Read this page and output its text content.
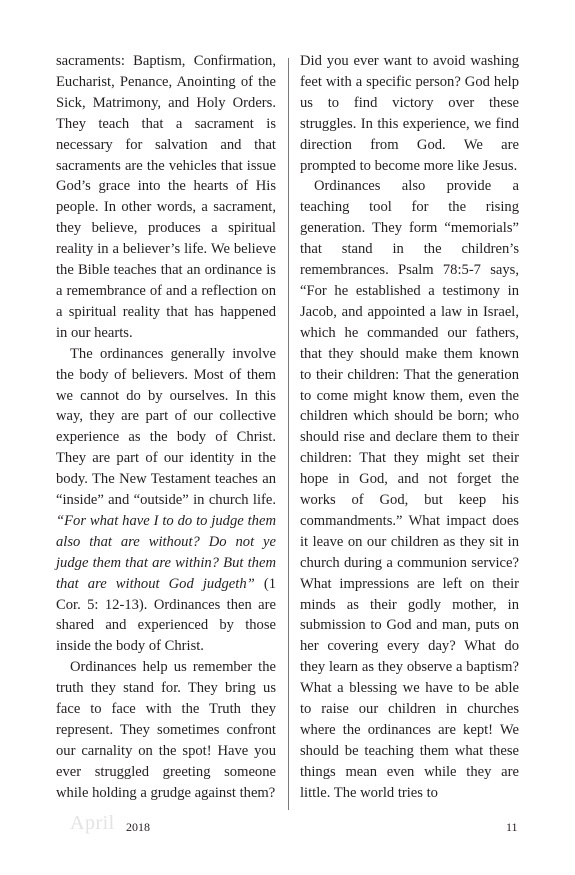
sacraments: Baptism, Confirmation, Eucharist, Penance, Anointing of the Sick, Matrimony, and Holy Orders. They teach that a sacrament is necessary for salvation and that sacraments are the vehicles that issue God’s grace into the hearts of His people. In other words, a sacrament, they believe, produces a spiritual reality in a believer’s life. We believe the Bible teaches that an ordinance is a remembrance of and a reflection on a spiritual reality that has happened in our hearts.

The ordinances generally involve the body of believers. Most of them we cannot do by ourselves. In this way, they are part of our collective experience as the body of Christ. They are part of our identity in the body. The New Testament teaches an “inside” and “outside” in church life. “For what have I to do to judge them also that are without? Do not ye judge them that are within? But them that are without God judgeth” (1 Cor. 5: 12-13). Ordinances then are shared and experienced by those inside the body of Christ.

Ordinances help us remember the truth they stand for. They bring us face to face with the Truth they represent. They sometimes confront our carnality on the spot! Have you ever struggled greeting someone while holding a grudge against them?

Did you ever want to avoid washing feet with a specific person? God help us to find victory over these struggles. In this experience, we find direction from God. We are prompted to become more like Jesus.

Ordinances also provide a teaching tool for the rising generation. They form “memorials” that stand in the children’s remembrances. Psalm 78:5-7 says, “For he established a testimony in Jacob, and appointed a law in Israel, which he commanded our fathers, that they should make them known to their children: That the generation to come might know them, even the children which should be born; who should rise and declare them to their children: That they might set their hope in God, and not forget the works of God, but keep his commandments.” What impact does it leave on our children as they sit in church during a communion service? What impressions are left on their minds as their godly mother, in submission to God and man, puts on her covering every day? What do they learn as they observe a baptism? What a blessing we have to be able to raise our children in churches where the ordinances are kept! We should be teaching them what these things mean even while they are little. The world tries to

April 2018	11
